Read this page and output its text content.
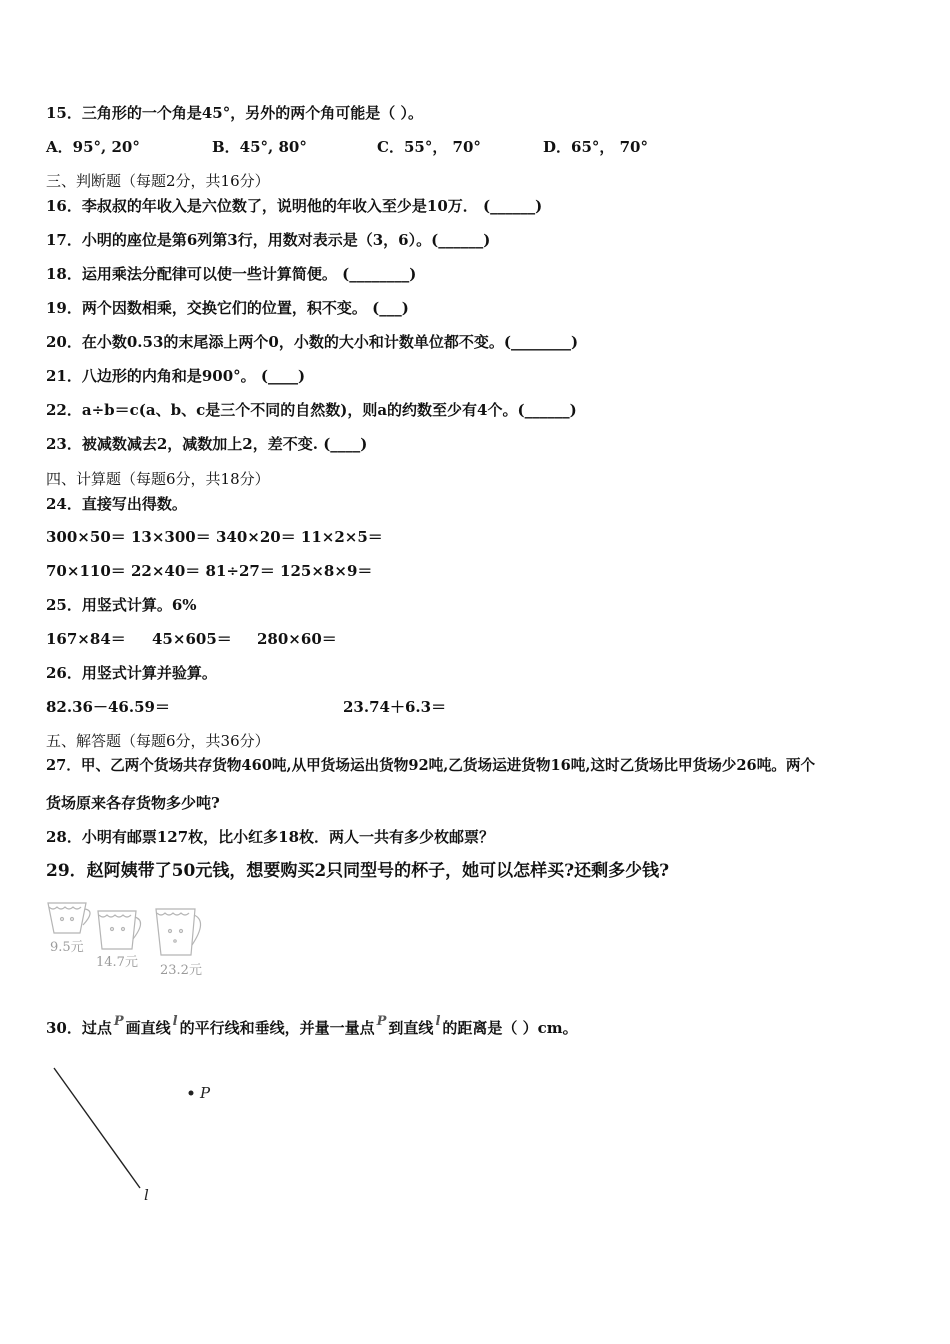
15．三角形的一个角是45°，另外的两个角可能是（ ）。
A．95°, 20°	B．45°, 80°	C．55°， 70°	D．65°， 70°
三、判断题（每题2分，共16分）
16．李叔叔的年收入是六位数了，说明他的年收入至少是10万． (______)
17．小明的座位是第6列第3行，用数对表示是（3，6）。(______)
18．运用乘法分配律可以使一些计算简便。 (________)
19．两个因数相乘，交换它们的位置，积不变。 (___)
20．在小数0.53的末尾添上两个0，小数的大小和计数单位都不变。(________)
21．八边形的内角和是900°。 (____)
22．a÷b＝c(a、b、c是三个不同的自然数)，则a的约数至少有4个。(______)
23．被减数减去2，减数加上2，差不变. (____)
四、计算题（每题6分，共18分）
24．直接写出得数。
300×50＝ 13×300＝ 340×20＝ 11×2×5＝
70×110＝ 22×40＝ 81÷27＝ 125×8×9＝
25．用竖式计算。6%
167×84＝ 45×605＝ 280×60＝
26．用竖式计算并验算。
82.36－46.59＝	23.74＋6.3＝
五、解答题（每题6分，共36分）
27．甲、乙两个货场共存货物460吨,从甲货场运出货物92吨,乙货场运进货物16吨,这时乙货场比甲货场少26吨。两个
货场原来各存货物多少吨?
28．小明有邮票127枚，比小红多18枚．两人一共有多少枚邮票？
29．赵阿姨带了50元钱，想要购买2只同型号的杯子，她可以怎样买?还剩多少钱?
9.5元
14.7元
23.2元
30．过点 P 画直线 l 的平行线和垂线，并量一量点 P 到直线 l 的距离是（ ）cm。
P
l
